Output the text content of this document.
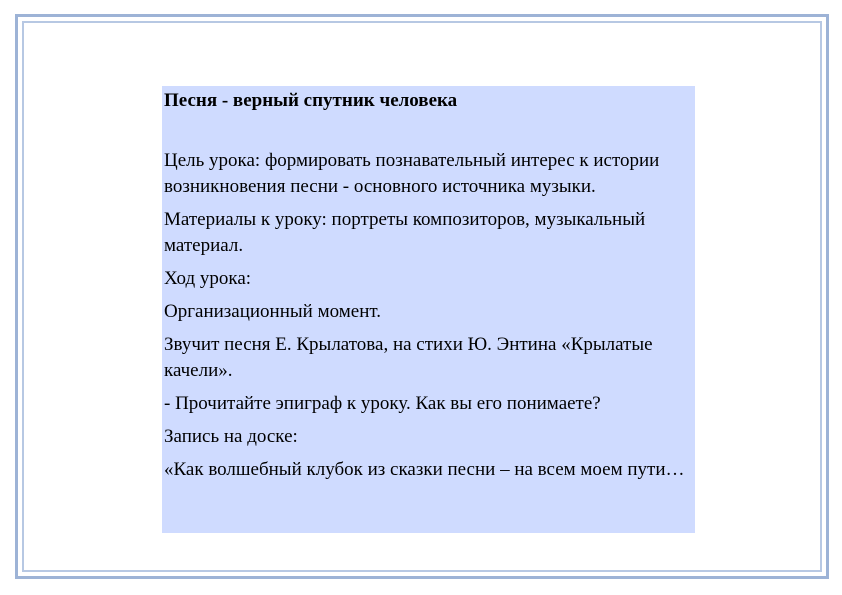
Песня - верный спутник человека
Цель урока: формировать познавательный интерес к истории возникновения песни - основного источника музыки.
Материалы к уроку: портреты композиторов, музыкальный материал.
Ход урока:
Организационный момент.
Звучит песня Е. Крылатова, на стихи Ю. Энтина «Крылатые качели».
- Прочитайте эпиграф к уроку. Как вы его понимаете?
Запись на доске:
«Как волшебный клубок из сказки песни – на всем моем пути…
